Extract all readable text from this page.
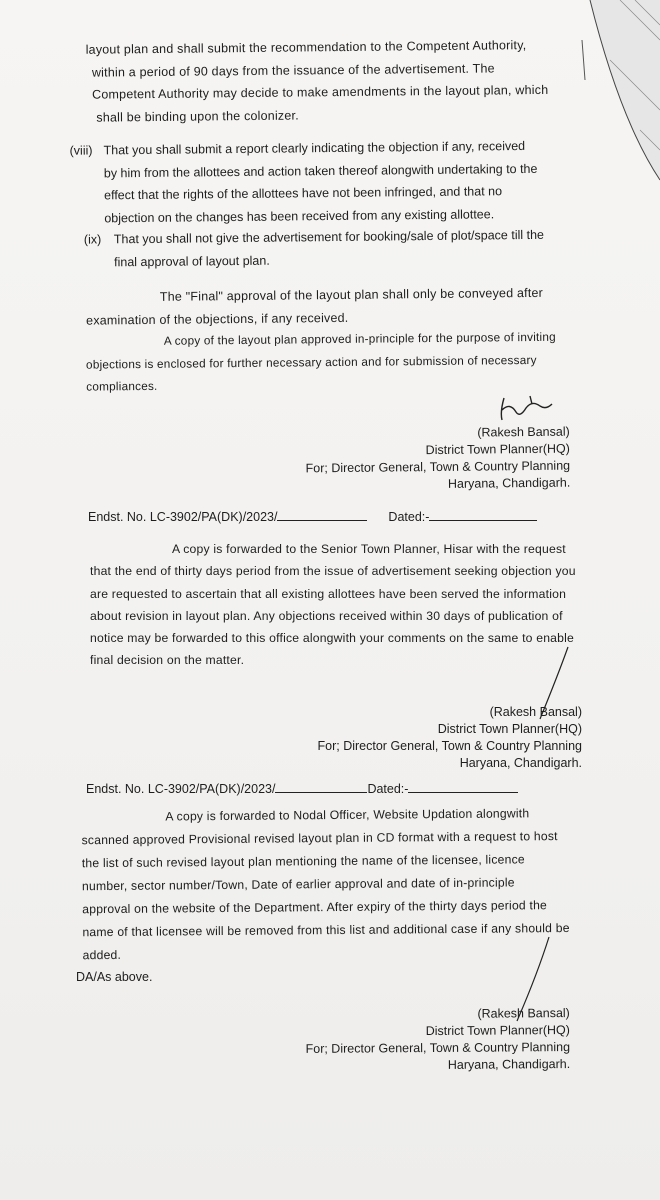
layout plan and shall submit the recommendation to the Competent Authority,
within a period of 90 days from the issuance of the advertisement. The
Competent Authority may decide to make amendments in the layout plan, which
shall be binding upon the colonizer.
(viii) That you shall submit a report clearly indicating the objection if any, received
by him from the allottees and action taken thereof alongwith undertaking to the
effect that the rights of the allottees have not been infringed, and that no
objection on the changes has been received from any existing allottee.
(ix) That you shall not give the advertisement for booking/sale of plot/space till the
final approval of layout plan.
The "Final" approval of the layout plan shall only be conveyed after
examination of the objections, if any received.
A copy of the layout plan approved in-principle for the purpose of inviting
objections is enclosed for further necessary action and for submission of necessary
compliances.
(Rakesh Bansal)
District Town Planner(HQ)
For; Director General, Town & Country Planning
Haryana, Chandigarh.
Endst. No. LC-3902/PA(DK)/2023/	Dated:-
A copy is forwarded to the Senior Town Planner, Hisar with the request
that the end of thirty days period from the issue of advertisement seeking objection you
are requested to ascertain that all existing allottees have been served the information
about revision in layout plan. Any objections received within 30 days of publication of
notice may be forwarded to this office alongwith your comments on the same to enable
final decision on the matter.
(Rakesh Bansal)
District Town Planner(HQ)
For; Director General, Town & Country Planning
Haryana, Chandigarh.
Endst. No. LC-3902/PA(DK)/2023/	Dated:-
A copy is forwarded to Nodal Officer, Website Updation alongwith
scanned approved Provisional revised layout plan in CD format with a request to host
the list of such revised layout plan mentioning the name of the licensee, licence
number, sector number/Town, Date of earlier approval and date of in-principle
approval on the website of the Department. After expiry of the thirty days period the
name of that licensee will be removed from this list and additional case if any should be
added.
DA/As above.
(Rakesh Bansal)
District Town Planner(HQ)
For; Director General, Town & Country Planning
Haryana, Chandigarh.
